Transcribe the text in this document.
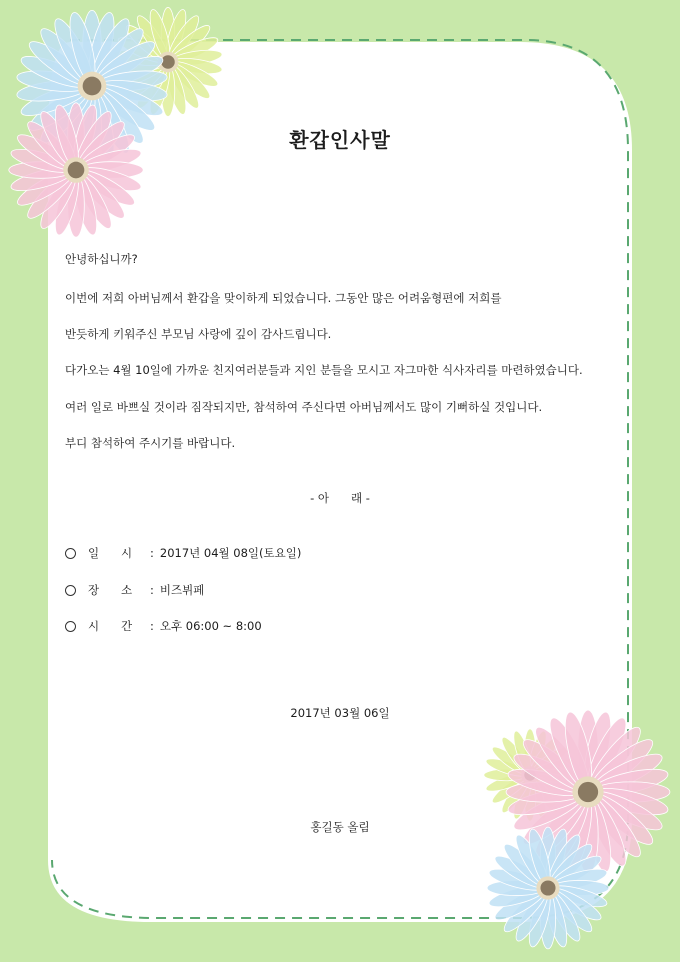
환갑인사말
안녕하십니까?
이번에 저희 아버님께서 환갑을 맞이하게 되었습니다. 그동안 많은 어려움형편에 저희를
반듯하게 키워주신 부모님 사랑에 깊이 감사드립니다.
다가오는 4월 10일에 가까운 친지여러분들과 지인 분들을 모시고 자그마한 식사자리를 마련하였습니다.
여러 일로 바쁘실 것이라 짐작되지만, 참석하여 주신다면 아버님께서도 많이 기뻐하실 것입니다.
부디 참석하여 주시기를 바랍니다.
- 아      래 -
일      시	: 2017년 04월 08일(토요일)
장      소	: 비즈뷔페
시      간	: 오후 06:00 ~ 8:00
2017년 03월 06일
홍길동 올림
